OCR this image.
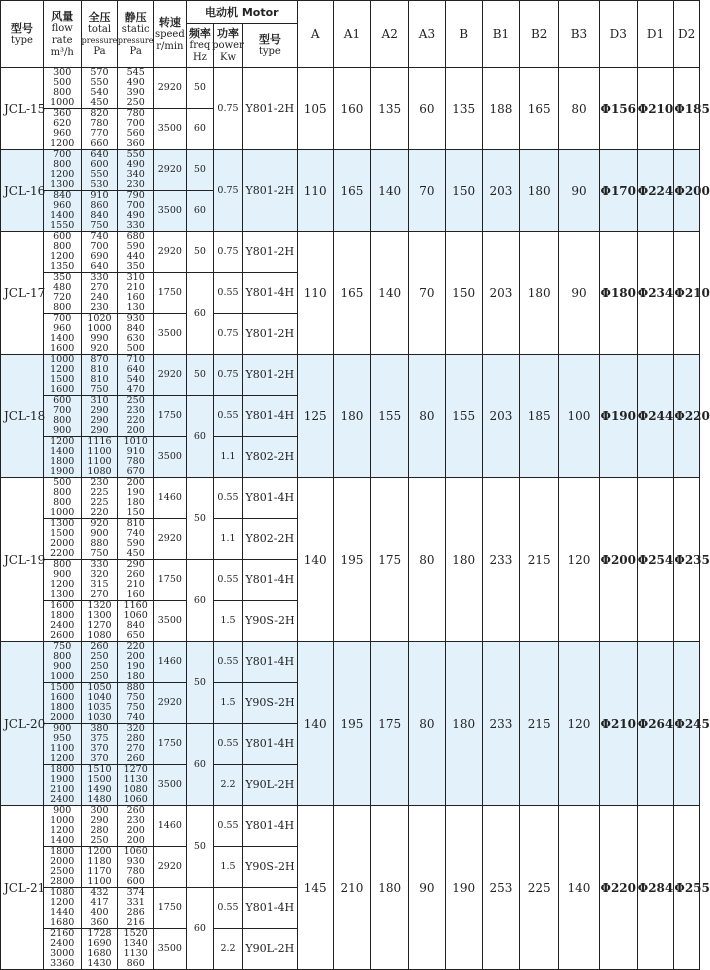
型号
type	风量
flow
rate
m³/h	全压
total
pressure
Pa	静压
static
pressure
Pa	转速
speed
r/min	电动机 Motor			A	A1	A2	A3	B	B1	B2	B3	D3	D1	D2

					频率
freq
Hz	功率
power
Kw	型号
type											

JCL-15	300
500
800
1000	570
550
540
450	545
490
390
250	2920	50	0.75	Y801-2H	105	160	135	60	135	188	165	80	Φ156	Φ210	Φ185

	360
620
960
1200	820
780
770
660	780
700
560
360	3500	60													
JCL-16	700
800
1200
1300	640
600
550
530	550
490
340
230	2920	50	0.75	Y801-2H	110	165	140	70	150	203	180	90	Φ170	Φ224	Φ200

	840
960
1400
1550	910
860
840
750	790
700
490
330	3500	60													
JCL-17	600
800
1200
1350	740
700
690
640	680
590
440
350	2920	50	0.75	Y801-2H	110	165	140	70	150	203	180	90	Φ180	Φ234	Φ210

	350
480
720
800	330
270
240
230	310
210
160
130	1750	60	0.55	Y801-4H											

	700
960
1400
1600	1020
1000
990
920	930
840
630
500	3500		0.75	Y801-2H											
JCL-18	1000
1200
1500
1600	870
810
810
750	710
640
540
470	2920	50	0.75	Y801-2H	125	180	155	80	155	203	185	100	Φ190	Φ244	Φ220

	600
700
800
900	310
290
290
290	250
230
220
200	1750	60	0.55	Y801-4H											

	1200
1400
1800
1900	1116
1100
1100
1080	1010
910
780
670	3500		1.1	Y802-2H											
JCL-19	500
800
800
1000	230
225
225
220	200
190
180
150	1460	50	0.55	Y801-4H	140	195	175	80	180	233	215	120	Φ200	Φ254	Φ235

	1300
1500
2000
2200	920
900
880
750	810
740
590
450	2920		1.1	Y802-2H											

	800
900
1200
1300	330
320
315
270	290
260
210
160	1750	60	0.55	Y801-4H											

	1600
1800
2400
2600	1320
1300
1270
1080	1160
1060
840
650	3500		1.5	Y90S-2H											
JCL-20	750
800
900
1000	260
250
250
250	220
200
190
180	1460	50	0.55	Y801-4H	140	195	175	80	180	233	215	120	Φ210	Φ264	Φ245

	1500
1600
1800
2000	1050
1040
1035
1030	880
750
750
740	2920		1.5	Y90S-2H											

	900
950
1100
1200	380
375
370
370	320
280
270
260	1750	60	0.55	Y801-4H											

	1800
1900
2100
2400	1510
1500
1490
1480	1270
1130
1080
1060	3500		2.2	Y90L-2H											
JCL-21	900
1000
1200
1400	300
290
280
250	260
230
200
200	1460	50	0.55	Y801-4H	145	210	180	90	190	253	225	140	Φ220	Φ284	Φ255

	1800
2000
2500
2800	1200
1180
1170
1100	1060
930
780
600	2920		1.5	Y90S-2H											

	1080
1200
1440
1680	432
417
400
360	374
331
286
216	1750	60	0.55	Y801-4H											

	2160
2400
3000
3360	1728
1690
1680
1430	1520
1340
1130
860	3500		2.2	Y90L-2H											
